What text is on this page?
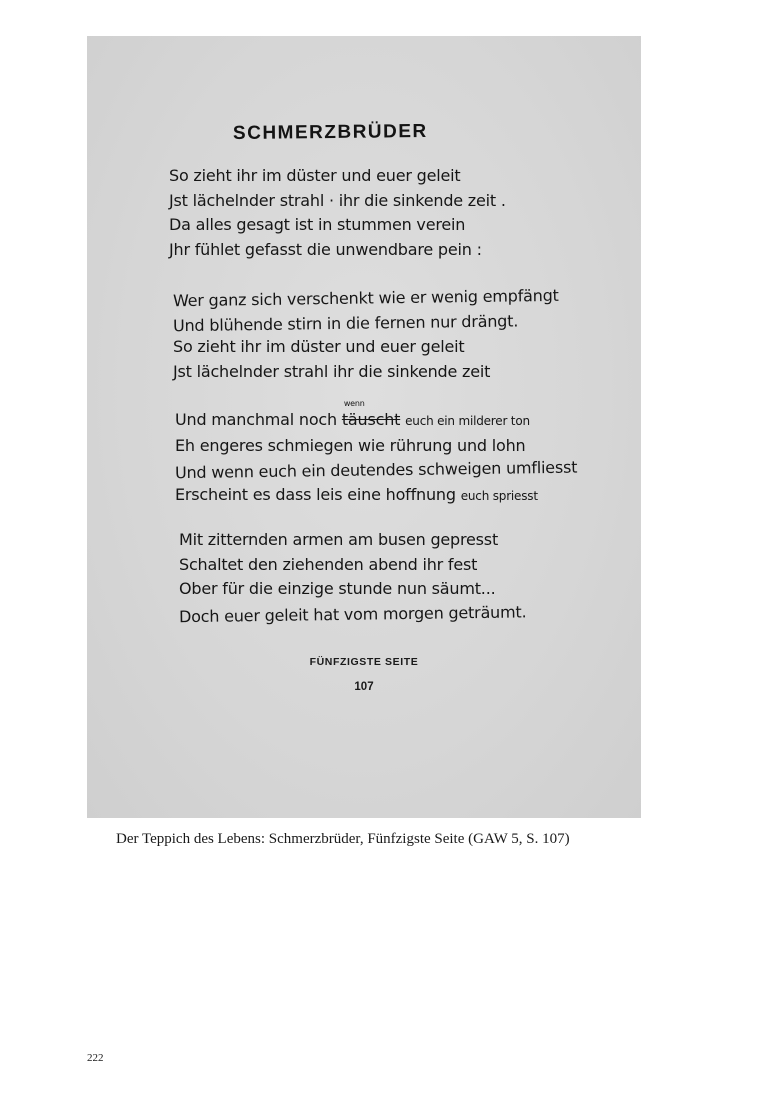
SCHMERZBRÜDER
So zieht ihr im düster und euer geleit
Jst lächelnder strahl · ihr die sinkende zeit .
Da alles gesagt ist in stummen verein
Jhr fühlet gefasst die unwendbare pein :
Wer ganz sich verschenkt wie er wenig empfängt
Und blühende stirn in die fernen nur drängt.
So zieht ihr im düster und euer geleit
Jst lächelnder strahl ihr die sinkende zeit
Und manchmal noch
wenn
täuscht euch ein milderer ton
Eh engeres schmiegen wie rührung und lohn
Und wenn euch ein deutendes schweigen umfliesst
Erscheint es dass leis eine hoffnung euch spriesst
Mit zitternden armen am busen gepresst
Schaltet den ziehenden abend ihr fest
Ober für die einzige stunde nun säumt...
Doch euer geleit hat vom morgen geträumt.
FÜNFZIGSTE SEITE
107
Der Teppich des Lebens: Schmerzbrüder, Fünfzigste Seite (GAW 5, S. 107)
222
